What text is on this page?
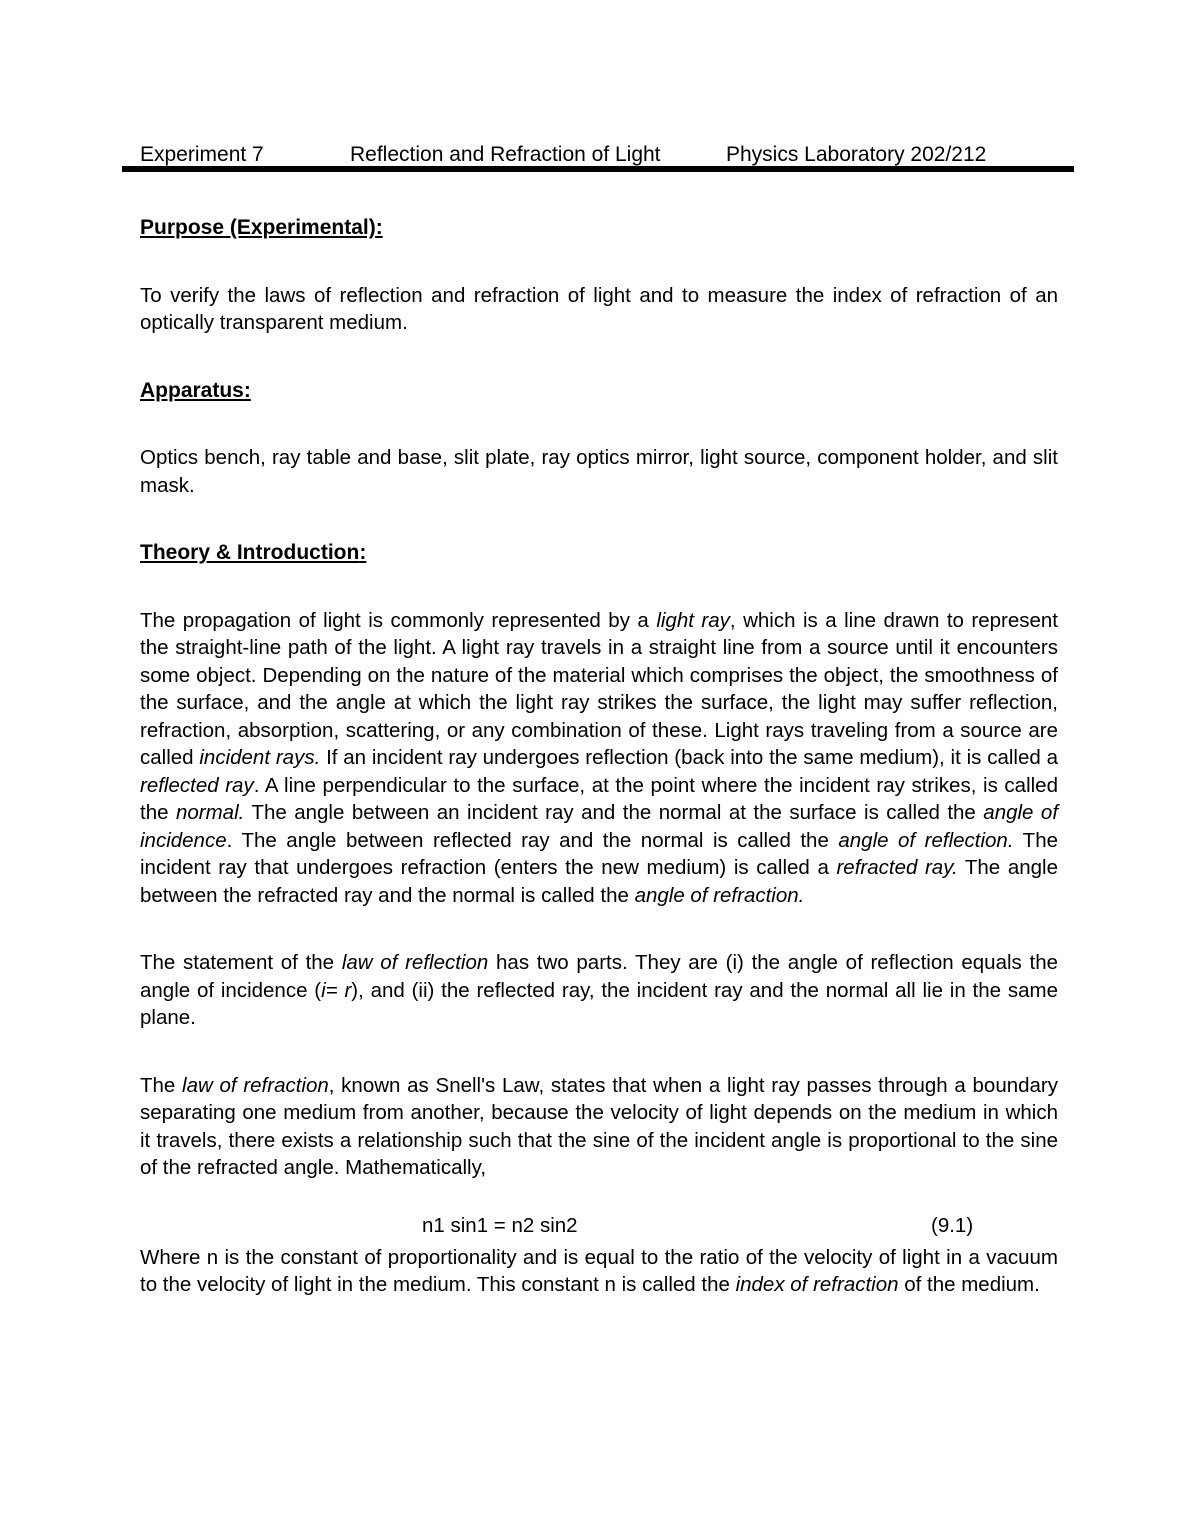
Experiment 7	Reflection and Refraction of Light	Physics Laboratory 202/212
Purpose (Experimental):
To verify the laws of reflection and refraction of light and to measure the index of refraction of an optically transparent medium.
Apparatus:
Optics bench, ray table and base, slit plate, ray optics mirror, light source, component holder, and slit mask.
Theory & Introduction:
The propagation of light is commonly represented by a light ray, which is a line drawn to represent the straight-line path of the light. A light ray travels in a straight line from a source until it encounters some object. Depending on the nature of the material which comprises the object, the smoothness of the surface, and the angle at which the light ray strikes the surface, the light may suffer reflection, refraction, absorption, scattering, or any combination of these. Light rays traveling from a source are called incident rays. If an incident ray undergoes reflection (back into the same medium), it is called a reflected ray. A line perpendicular to the surface, at the point where the incident ray strikes, is called the normal. The angle between an incident ray and the normal at the surface is called the angle of incidence. The angle between reflected ray and the normal is called the angle of reflection. The incident ray that undergoes refraction (enters the new medium) is called a refracted ray. The angle between the refracted ray and the normal is called the angle of refraction.
The statement of the law of reflection has two parts. They are (i) the angle of reflection equals the angle of incidence (i= r), and (ii) the reflected ray, the incident ray and the normal all lie in the same plane.
The law of refraction, known as Snell's Law, states that when a light ray passes through a boundary separating one medium from another, because the velocity of light depends on the medium in which it travels, there exists a relationship such that the sine of the incident angle is proportional to the sine of the refracted angle. Mathematically,
n1 sin1 = n2 sin2	(9.1)
Where n is the constant of proportionality and is equal to the ratio of the velocity of light in a vacuum to the velocity of light in the medium. This constant n is called the index of refraction of the medium.
